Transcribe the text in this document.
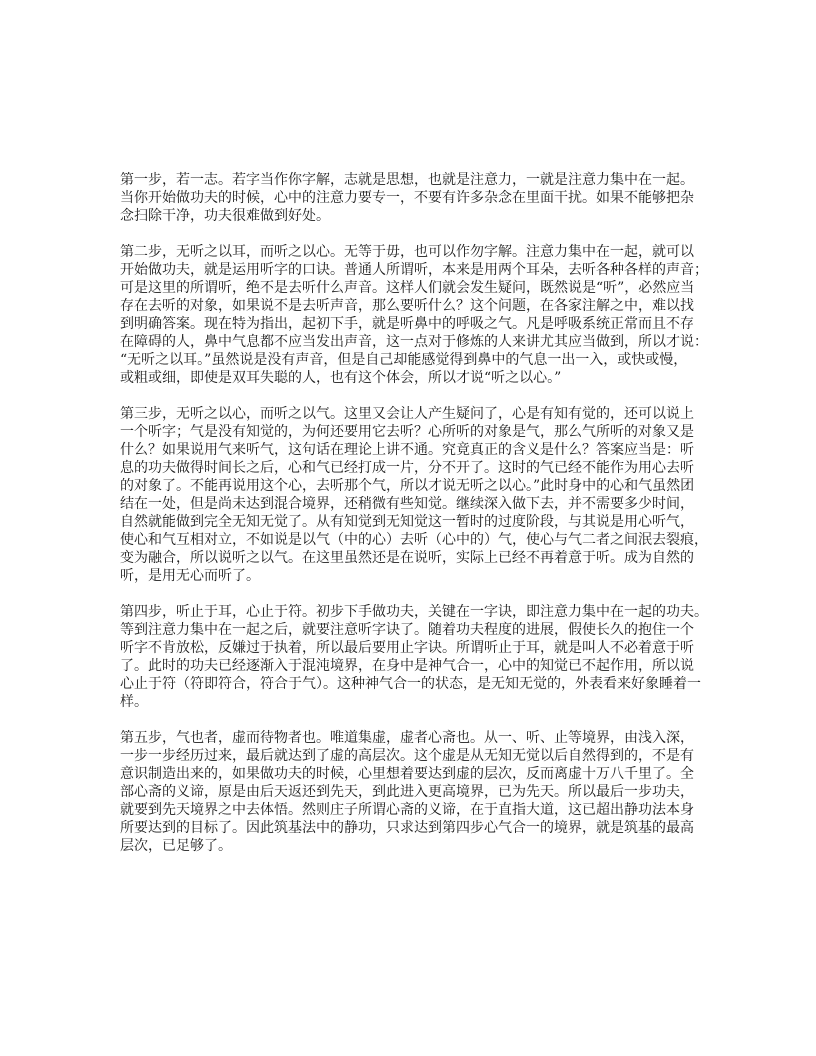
第一步，若一志。若字当作你字解，志就是思想，也就是注意力，一就是注意力集中在一起。
当你开始做功夫的时候，心中的注意力要专一，不要有许多杂念在里面干扰。如果不能够把杂
念扫除干净，功夫很难做到好处。
第二步，无听之以耳，而听之以心。无等于毋，也可以作勿字解。注意力集中在一起，就可以
开始做功夫，就是运用听字的口诀。普通人所谓听，本来是用两个耳朵，去听各种各样的声音；
可是这里的所谓听，绝不是去听什么声音。这样人们就会发生疑问，既然说是“听”，必然应当
存在去听的对象，如果说不是去听声音，那么要听什么？这个问题，在各家注解之中，难以找
到明确答案。现在特为指出，起初下手，就是听鼻中的呼吸之气。凡是呼吸系统正常而且不存
在障碍的人，鼻中气息都不应当发出声音，这一点对于修炼的人来讲尤其应当做到，所以才说：
“无听之以耳。”虽然说是没有声音，但是自己却能感觉得到鼻中的气息一出一入，或快或慢，
或粗或细，即使是双耳失聪的人，也有这个体会，所以才说“听之以心。”
第三步，无听之以心，而听之以气。这里又会让人产生疑问了，心是有知有觉的，还可以说上
一个听字；气是没有知觉的，为何还要用它去听？心所听的对象是气，那么气所听的对象又是
什么？如果说用气来听气，这句话在理论上讲不通。究竟真正的含义是什么？答案应当是：听
息的功夫做得时间长之后，心和气已经打成一片，分不开了。这时的气已经不能作为用心去听
的对象了。不能再说用这个心，去听那个气，所以才说无听之以心。”此时身中的心和气虽然团
结在一处，但是尚未达到混合境界，还稍微有些知觉。继续深入做下去，并不需要多少时间，
自然就能做到完全无知无觉了。从有知觉到无知觉这一暂时的过度阶段，与其说是用心听气，
使心和气互相对立，不如说是以气（中的心）去听（心中的）气，使心与气二者之间泯去裂痕，
变为融合，所以说听之以气。在这里虽然还是在说听，实际上已经不再着意于听。成为自然的
听，是用无心而听了。
第四步，听止于耳，心止于符。初步下手做功夫，关键在一字诀，即注意力集中在一起的功夫。
等到注意力集中在一起之后，就要注意听字诀了。随着功夫程度的进展，假使长久的抱住一个
听字不肯放松，反嫌过于执着，所以最后要用止字诀。所谓听止于耳，就是叫人不必着意于听
了。此时的功夫已经逐渐入于混沌境界，在身中是神气合一，心中的知觉已不起作用，所以说
心止于符（符即符合，符合于气）。这种神气合一的状态，是无知无觉的，外表看来好象睡着一
样。
第五步，气也者，虚而待物者也。唯道集虚，虚者心斋也。从一、听、止等境界，由浅入深，
一步一步经历过来，最后就达到了虚的高层次。这个虚是从无知无觉以后自然得到的，不是有
意识制造出来的，如果做功夫的时候，心里想着要达到虚的层次，反而离虚十万八千里了。全
部心斋的义谛，原是由后天返还到先天，到此进入更高境界，已为先天。所以最后一步功夫，
就要到先天境界之中去体悟。然则庄子所谓心斋的义谛，在于直指大道，这已超出静功法本身
所要达到的目标了。因此筑基法中的静功，只求达到第四步心气合一的境界，就是筑基的最高
层次，已足够了。
